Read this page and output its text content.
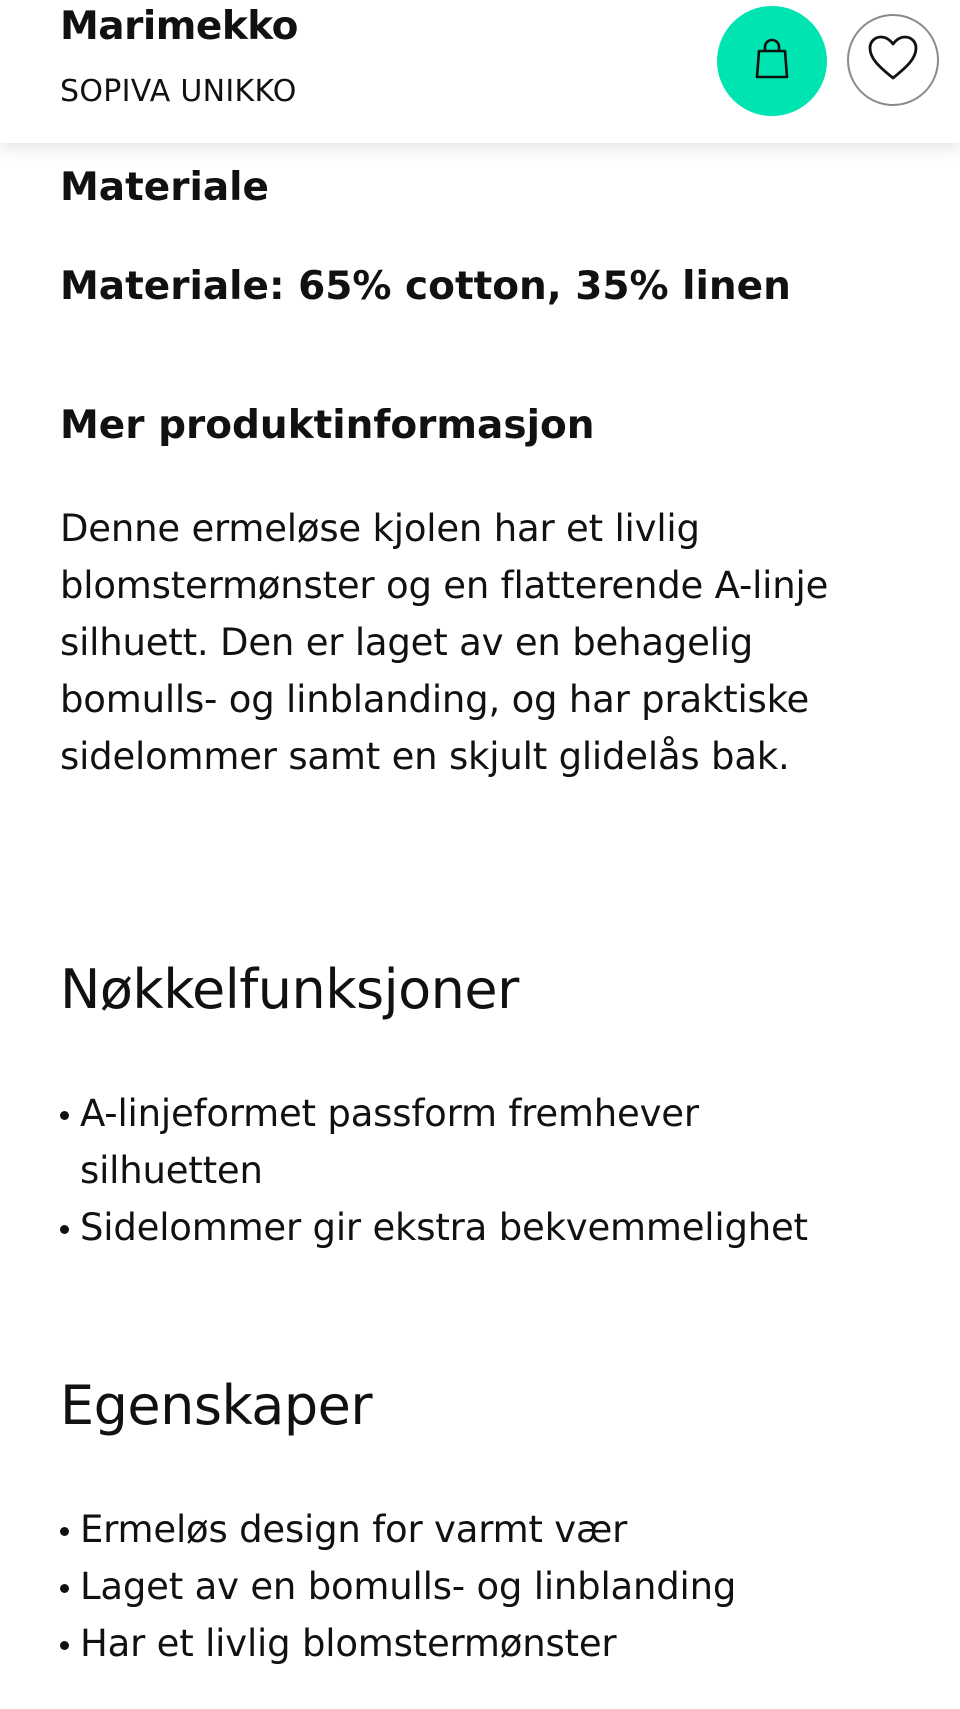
Marimekko
SOPIVA UNIKKO
Materiale
Materiale: 65% cotton, 35% linen
Mer produktinformasjon
Denne ermeløse kjolen har et livlig blomstermønster og en flatterende A-linje silhuett. Den er laget av en behagelig bomulls- og linblanding, og har praktiske sidelommer samt en skjult glidelås bak.
Nøkkelfunksjoner
A-linjeformet passform fremhever silhuetten
Sidelommer gir ekstra bekvemmelighet
Egenskaper
Ermeløs design for varmt vær
Laget av en bomulls- og linblanding
Har et livlig blomstermønster
